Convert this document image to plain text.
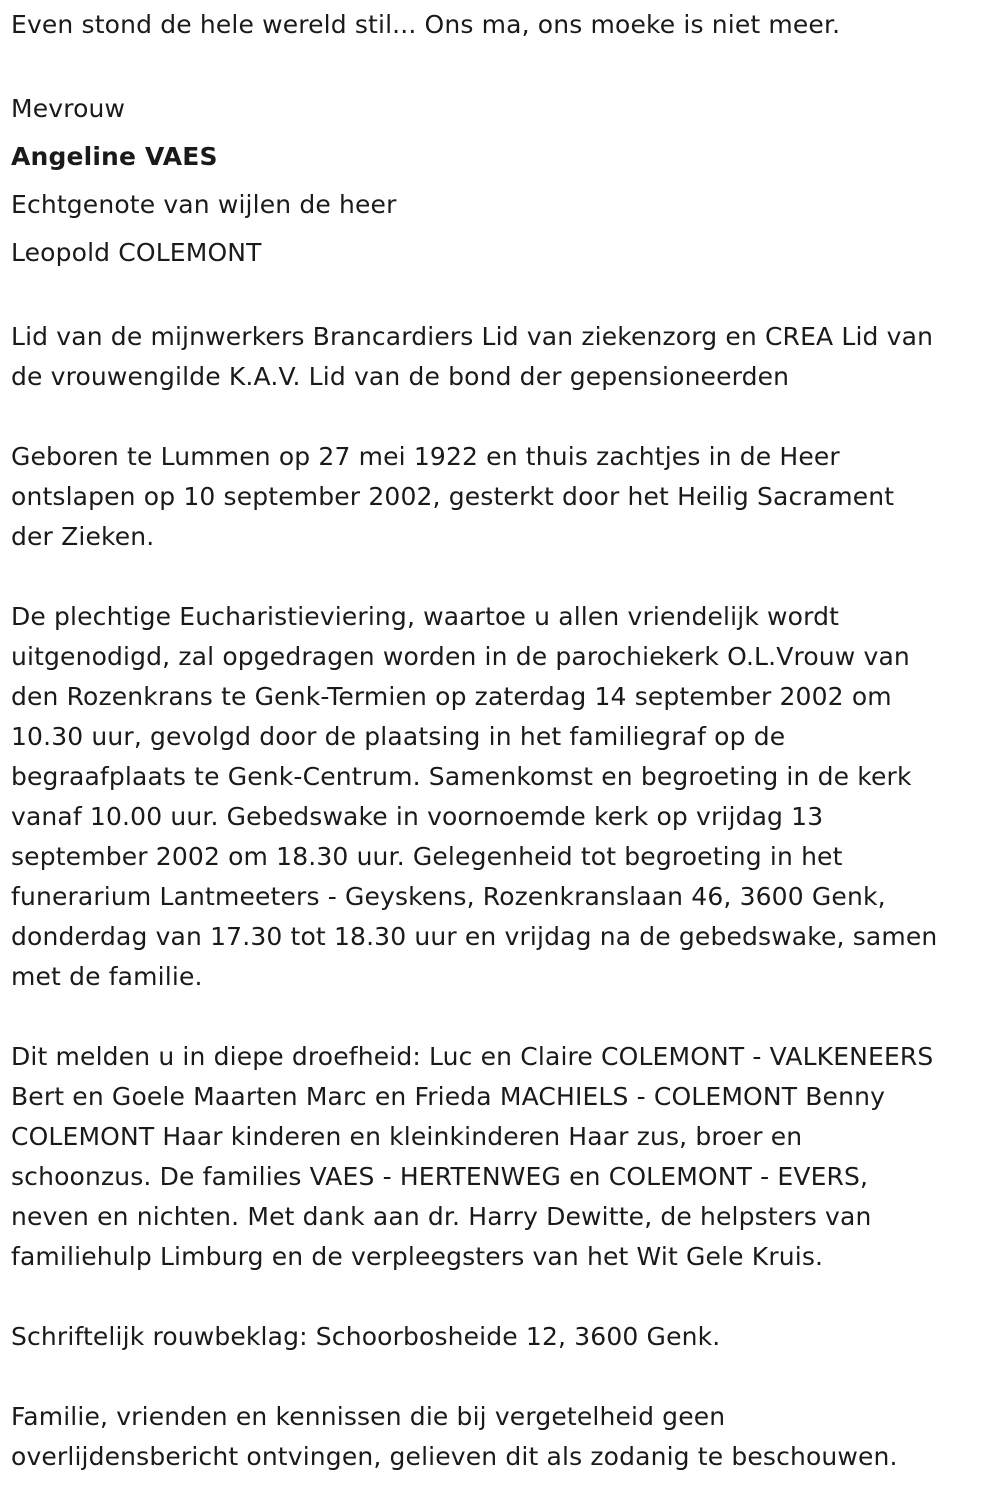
Even stond de hele wereld stil... Ons ma, ons moeke is niet meer.

Mevrouw

Angeline VAES

Echtgenote van wijlen de heer

Leopold COLEMONT

Lid van de mijnwerkers Brancardiers Lid van ziekenzorg en CREA Lid van
de vrouwengilde K.A.V. Lid van de bond der gepensioneerden

Geboren te Lummen op 27 mei 1922 en thuis zachtjes in de Heer
ontslapen op 10 september 2002, gesterkt door het Heilig Sacrament
der Zieken.

De plechtige Eucharistieviering, waartoe u allen vriendelijk wordt
uitgenodigd, zal opgedragen worden in de parochiekerk O.L.Vrouw van
den Rozenkrans te Genk-Termien op zaterdag 14 september 2002 om
10.30 uur, gevolgd door de plaatsing in het familiegraf op de
begraafplaats te Genk-Centrum. Samenkomst en begroeting in de kerk
vanaf 10.00 uur. Gebedswake in voornoemde kerk op vrijdag 13
september 2002 om 18.30 uur. Gelegenheid tot begroeting in het
funerarium Lantmeeters - Geyskens, Rozenkranslaan 46, 3600 Genk,
donderdag van 17.30 tot 18.30 uur en vrijdag na de gebedswake, samen
met de familie.

Dit melden u in diepe droefheid: Luc en Claire COLEMONT - VALKENEERS
Bert en Goele Maarten Marc en Frieda MACHIELS - COLEMONT Benny
COLEMONT Haar kinderen en kleinkinderen Haar zus, broer en
schoonzus. De families VAES - HERTENWEG en COLEMONT - EVERS,
neven en nichten. Met dank aan dr. Harry Dewitte, de helpsters van
familiehulp Limburg en de verpleegsters van het Wit Gele Kruis.

Schriftelijk rouwbeklag: Schoorbosheide 12, 3600 Genk.

Familie, vrienden en kennissen die bij vergetelheid geen
overlijdensbericht ontvingen, gelieven dit als zodanig te beschouwen.
